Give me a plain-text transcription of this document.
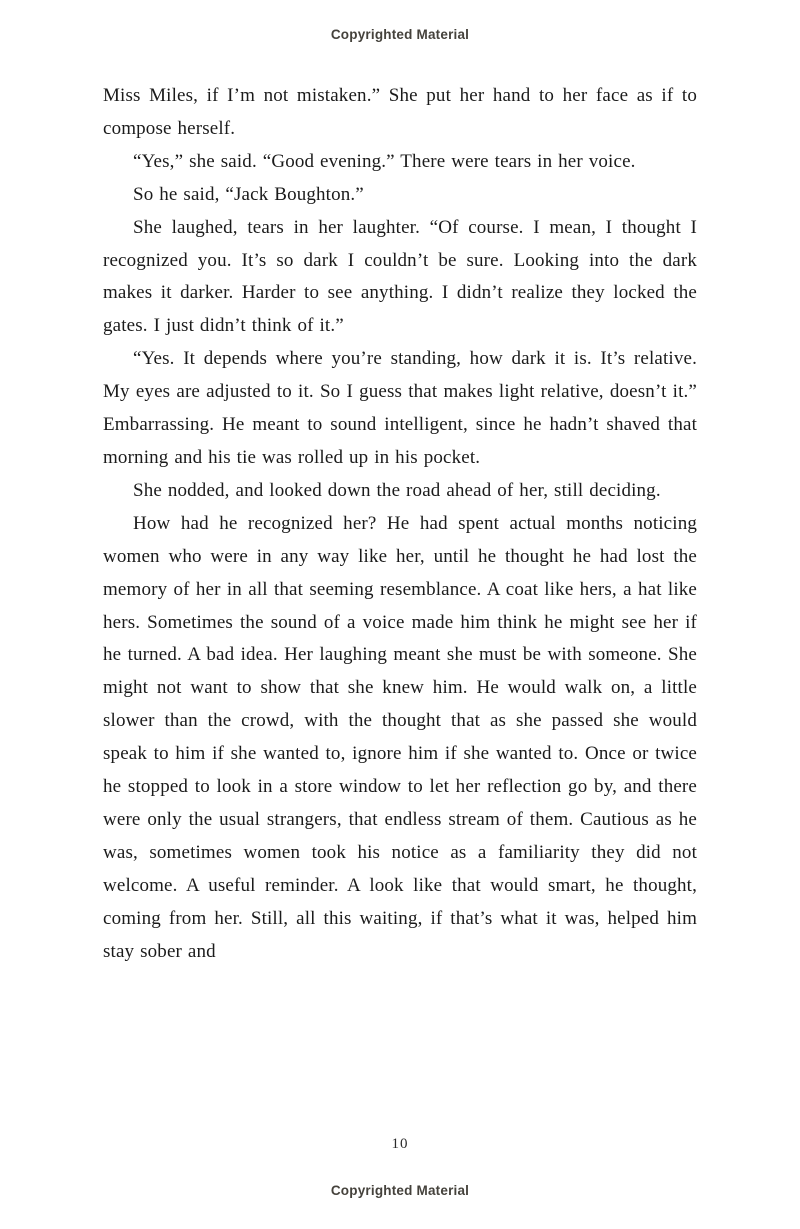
Copyrighted Material

Miss Miles, if I’m not mistaken.” She put her hand to her face as if to compose herself.

“Yes,” she said. “Good evening.” There were tears in her voice.

So he said, “Jack Boughton.”

She laughed, tears in her laughter. “Of course. I mean, I thought I recognized you. It’s so dark I couldn’t be sure. Looking into the dark makes it darker. Harder to see anything. I didn’t realize they locked the gates. I just didn’t think of it.”

“Yes. It depends where you’re standing, how dark it is. It’s relative. My eyes are adjusted to it. So I guess that makes light relative, doesn’t it.” Embarrassing. He meant to sound intelligent, since he hadn’t shaved that morning and his tie was rolled up in his pocket.

She nodded, and looked down the road ahead of her, still deciding.

How had he recognized her? He had spent actual months noticing women who were in any way like her, until he thought he had lost the memory of her in all that seeming resemblance. A coat like hers, a hat like hers. Sometimes the sound of a voice made him think he might see her if he turned. A bad idea. Her laughing meant she must be with someone. She might not want to show that she knew him. He would walk on, a little slower than the crowd, with the thought that as she passed she would speak to him if she wanted to, ignore him if she wanted to. Once or twice he stopped to look in a store window to let her reflection go by, and there were only the usual strangers, that endless stream of them. Cautious as he was, sometimes women took his notice as a familiarity they did not welcome. A useful reminder. A look like that would smart, he thought, coming from her. Still, all this waiting, if that’s what it was, helped him stay sober and

10
Copyrighted Material
